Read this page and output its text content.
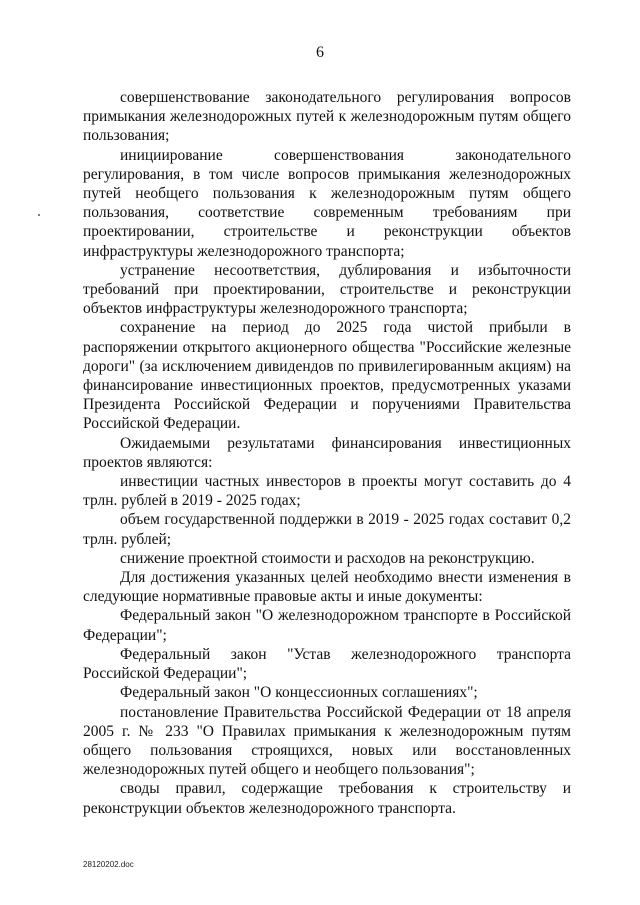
6

совершенствование законодательного регулирования вопросов примыкания железнодорожных путей к железнодорожным путям общего пользования;

инициирование совершенствования законодательного регулирования, в том числе вопросов примыкания железнодорожных путей необщего пользования к железнодорожным путям общего пользования, соответствие современным требованиям при проектировании, строительстве и реконструкции объектов инфраструктуры железнодорожного транспорта;

устранение несоответствия, дублирования и избыточности требований при проектировании, строительстве и реконструкции объектов инфраструктуры железнодорожного транспорта;

сохранение на период до 2025 года чистой прибыли в распоряжении открытого акционерного общества "Российские железные дороги" (за исключением дивидендов по привилегированным акциям) на финансирование инвестиционных проектов, предусмотренных указами Президента Российской Федерации и поручениями Правительства Российской Федерации.

Ожидаемыми результатами финансирования инвестиционных проектов являются:

инвестиции частных инвесторов в проекты могут составить до 4 трлн. рублей в 2019 - 2025 годах;

объем государственной поддержки в 2019 - 2025 годах составит 0,2 трлн. рублей;

снижение проектной стоимости и расходов на реконструкцию.

Для достижения указанных целей необходимо внести изменения в следующие нормативные правовые акты и иные документы:

Федеральный закон "О железнодорожном транспорте в Российской Федерации";

Федеральный закон "Устав железнодорожного транспорта Российской Федерации";

Федеральный закон "О концессионных соглашениях";

постановление Правительства Российской Федерации от 18 апреля 2005 г. № 233 "О Правилах примыкания к железнодорожным путям общего пользования строящихся, новых или восстановленных железнодорожных путей общего и необщего пользования";

своды правил, содержащие требования к строительству и реконструкции объектов железнодорожного транспорта.

28120202.doc
